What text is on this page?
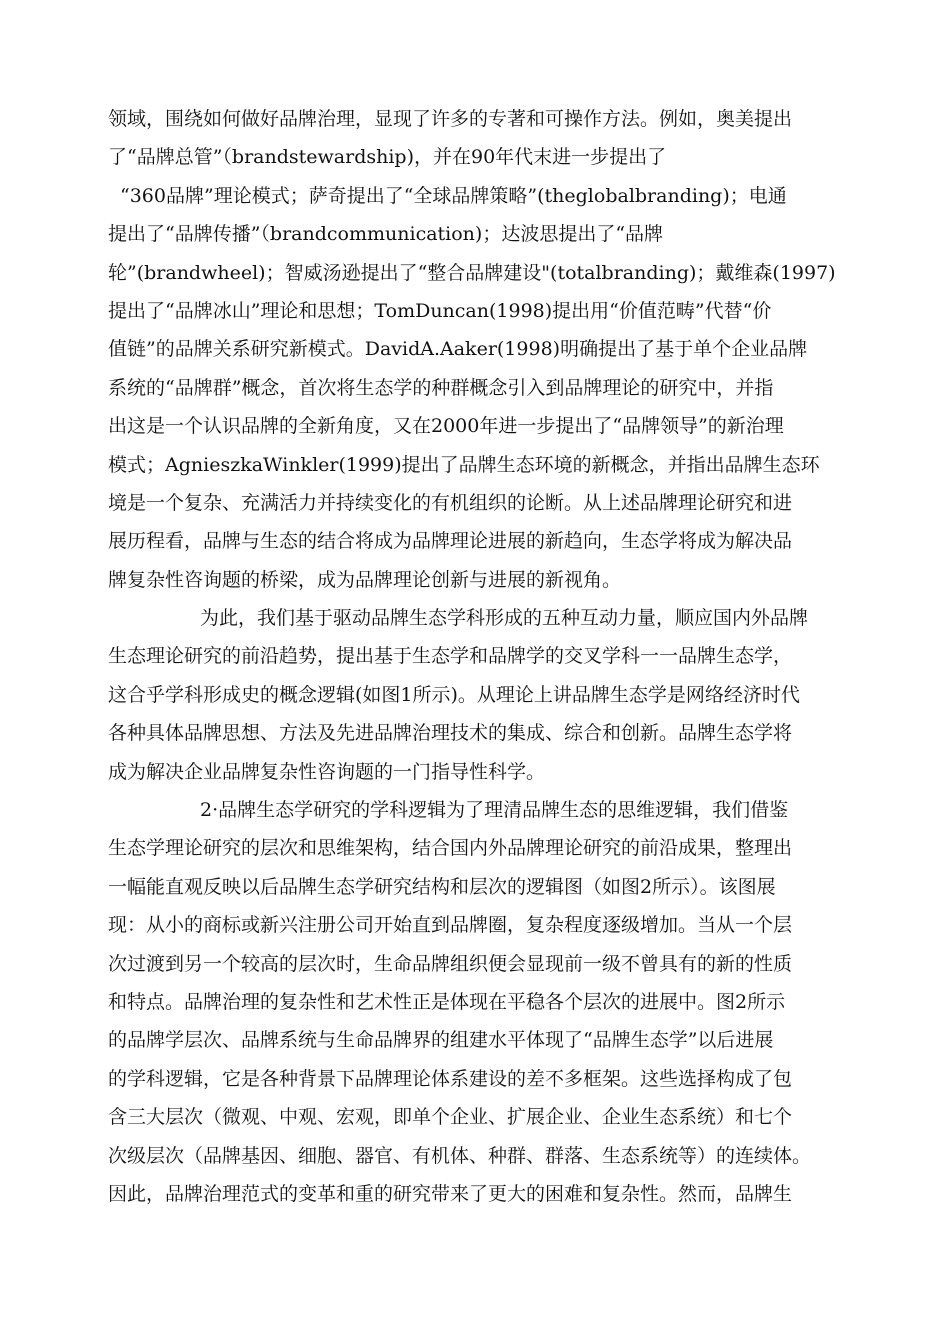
领域，围绕如何做好品牌治理，显现了许多的专著和可操作方法。例如，奥美提出
了“品牌总管”（brandstewardship)，并在90年代末进一步提出了
“360品牌”理论模式；萨奇提出了“全球品牌策略”(theglobalbranding)；电通
提出了“品牌传播”（brandcommunication)；达波思提出了“品牌
轮”(brandwheel)；智威汤逊提出了“整合品牌建设"(totalbranding)；戴维森(1997)
提出了“品牌冰山”理论和思想；TomDuncan(1998)提出用“价值范畴”代替“价
值链”的品牌关系研究新模式。DavidA.Aaker(1998)明确提出了基于单个企业品牌
系统的“品牌群”概念，首次将生态学的种群概念引入到品牌理论的研究中，并指
出这是一个认识品牌的全新角度，又在2000年进一步提出了“品牌领导”的新治理
模式；AgnieszkaWinkler(1999)提出了品牌生态环境的新概念，并指出品牌生态环
境是一个复杂、充满活力并持续变化的有机组织的论断。从上述品牌理论研究和进
展历程看，品牌与生态的结合将成为品牌理论进展的新趋向，生态学将成为解决品
牌复杂性咨询题的桥梁，成为品牌理论创新与进展的新视角。
为此，我们基于驱动品牌生态学科形成的五种互动力量，顺应国内外品牌
生态理论研究的前沿趋势，提出基于生态学和品牌学的交叉学科一一品牌生态学，
这合乎学科形成史的概念逻辑(如图1所示)。从理论上讲品牌生态学是网络经济时代
各种具体品牌思想、方法及先进品牌治理技术的集成、综合和创新。品牌生态学将
成为解决企业品牌复杂性咨询题的一门指导性科学。
2·品牌生态学研究的学科逻辑为了理清品牌生态的思维逻辑，我们借鉴
生态学理论研究的层次和思维架构，结合国内外品牌理论研究的前沿成果，整理出
一幅能直观反映以后品牌生态学研究结构和层次的逻辑图（如图2所示）。该图展
现：从小的商标或新兴注册公司开始直到品牌圈，复杂程度逐级增加。当从一个层
次过渡到另一个较高的层次时，生命品牌组织便会显现前一级不曾具有的新的性质
和特点。品牌治理的复杂性和艺术性正是体现在平稳各个层次的进展中。图2所示
的品牌学层次、品牌系统与生命品牌界的组建水平体现了“品牌生态学”以后进展
的学科逻辑，它是各种背景下品牌理论体系建设的差不多框架。这些选择构成了包
含三大层次（微观、中观、宏观，即单个企业、扩展企业、企业生态系统）和七个
次级层次（品牌基因、细胞、器官、有机体、种群、群落、生态系统等）的连续体。
因此，品牌治理范式的变革和重的研究带来了更大的困难和复杂性。然而，品牌生
